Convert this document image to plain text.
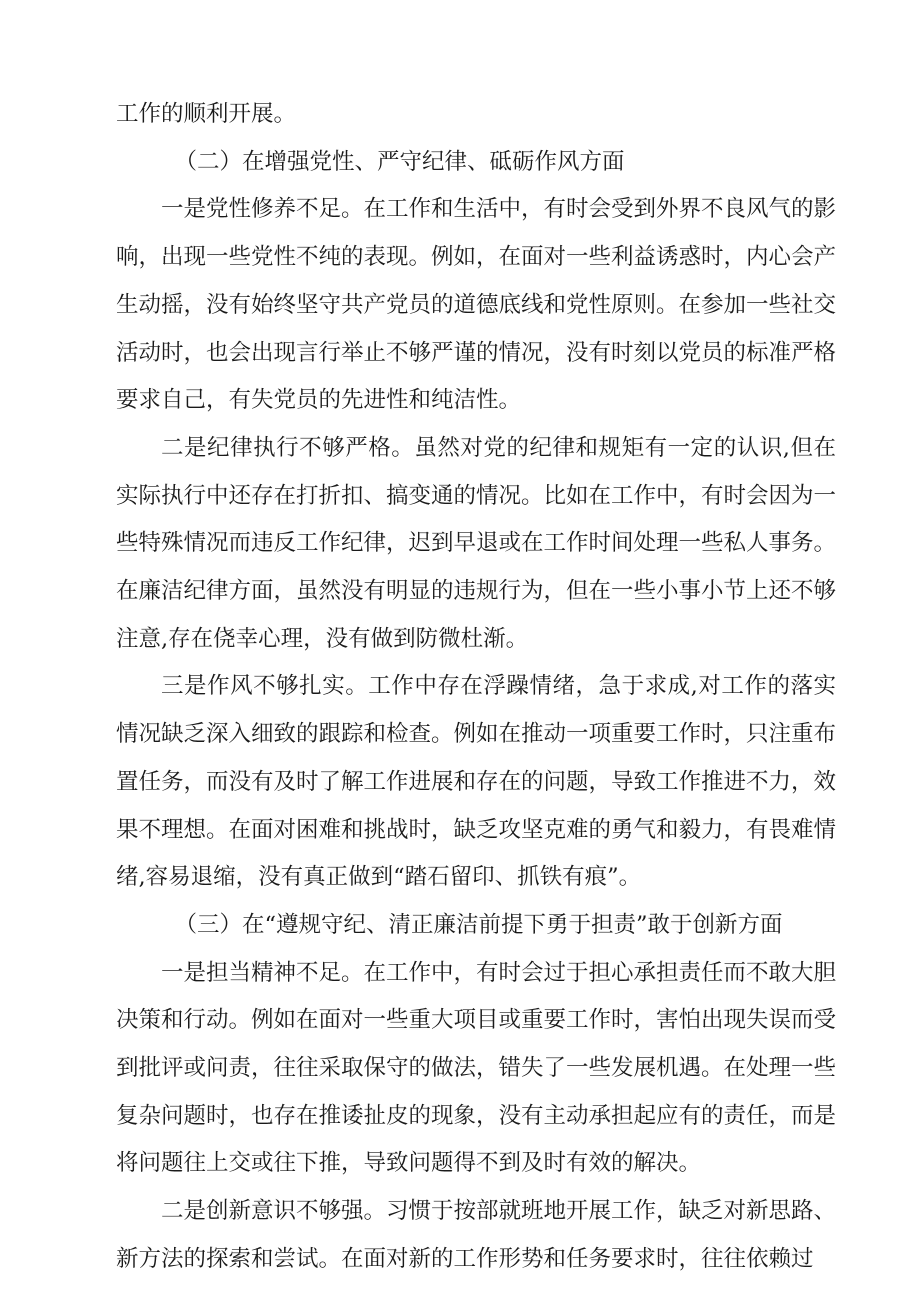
工作的顺利开展。

（二）在增强党性、严守纪律、砥砺作风方面

一是党性修养不足。在工作和生活中，有时会受到外界不良风气的影响，出现一些党性不纯的表现。例如，在面对一些利益诱惑时，内心会产生动摇，没有始终坚守共产党员的道德底线和党性原则。在参加一些社交活动时，也会出现言行举止不够严谨的情况，没有时刻以党员的标准严格要求自己，有失党员的先进性和纯洁性。

二是纪律执行不够严格。虽然对党的纪律和规矩有一定的认识,但在实际执行中还存在打折扣、搞变通的情况。比如在工作中，有时会因为一些特殊情况而违反工作纪律，迟到早退或在工作时间处理一些私人事务。在廉洁纪律方面，虽然没有明显的违规行为，但在一些小事小节上还不够注意,存在侥幸心理，没有做到防微杜渐。

三是作风不够扎实。工作中存在浮躁情绪，急于求成,对工作的落实情况缺乏深入细致的跟踪和检查。例如在推动一项重要工作时，只注重布置任务，而没有及时了解工作进展和存在的问题，导致工作推进不力，效果不理想。在面对困难和挑战时，缺乏攻坚克难的勇气和毅力，有畏难情绪,容易退缩，没有真正做到“踏石留印、抓铁有痕”。

（三）在“遵规守纪、清正廉洁前提下勇于担责”敢于创新方面

一是担当精神不足。在工作中，有时会过于担心承担责任而不敢大胆决策和行动。例如在面对一些重大项目或重要工作时，害怕出现失误而受到批评或问责，往往采取保守的做法，错失了一些发展机遇。在处理一些复杂问题时，也存在推诿扯皮的现象，没有主动承担起应有的责任，而是将问题往上交或往下推，导致问题得不到及时有效的解决。

二是创新意识不够强。习惯于按部就班地开展工作，缺乏对新思路、新方法的探索和尝试。在面对新的工作形势和任务要求时，往往依赖过
